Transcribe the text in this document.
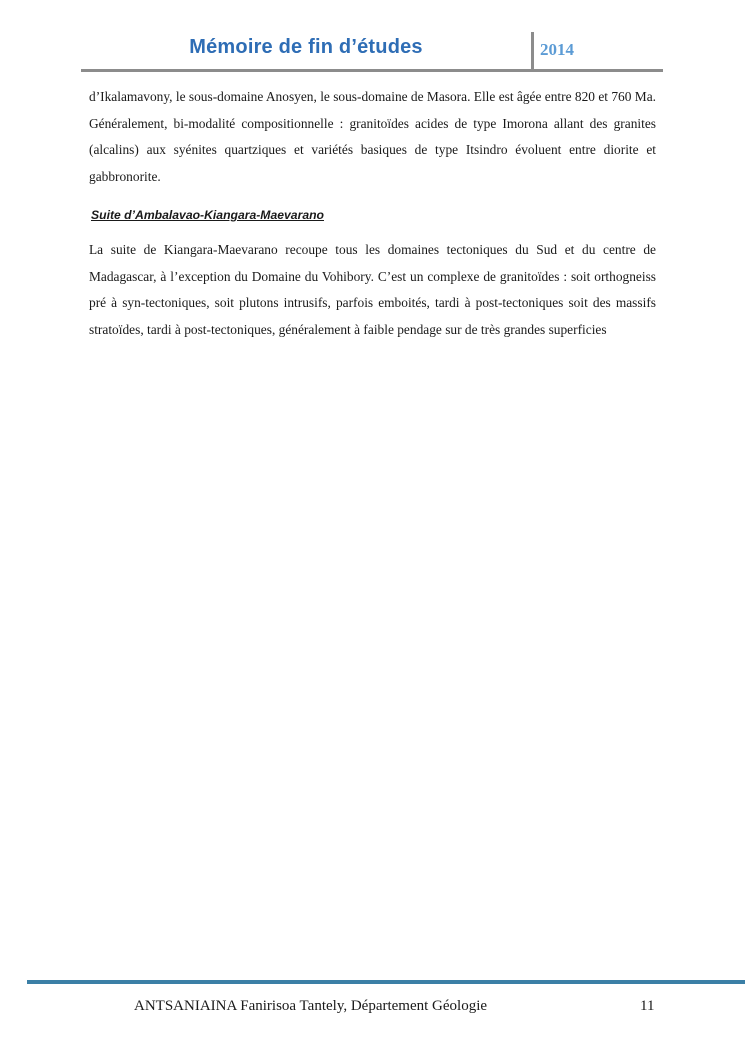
Mémoire de fin d’études	2014

d’Ikalamavony, le sous-domaine Anosyen, le sous-domaine de Masora. Elle est âgée entre 820 et 760 Ma. Généralement, bi-modalité compositionnelle : granitoïdes acides de type Imorona allant des granites (alcalins) aux syénites quartziques et variétés basiques de type Itsindro évoluent entre diorite et gabbronorite.

Suite d’Ambalavao-Kiangara-Maevarano

La suite de Kiangara-Maevarano recoupe tous les domaines tectoniques du Sud et du centre de Madagascar, à l’exception du Domaine du Vohibory. C’est un complexe de granitoïdes : soit orthogneiss pré à syn-tectoniques, soit plutons intrusifs, parfois emboités, tardi à post-tectoniques soit des massifs stratoïdes, tardi à post-tectoniques, généralement à faible pendage sur de très grandes superficies

ANTSANIAINA Fanirisoa Tantely, Département Géologie	11
